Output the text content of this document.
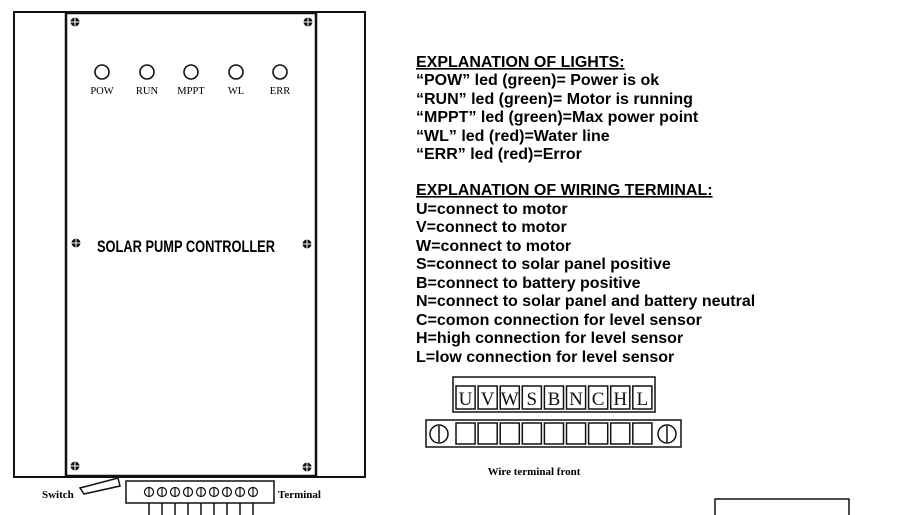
POW RUN MPPT WL ERR
SOLAR PUMP CONTROLLER
Switch	Terminal
EXPLANATION OF LIGHTS:
“POW” led (green)= Power is ok
“RUN” led (green)= Motor is running
“MPPT” led (green)=Max power point
“WL” led (red)=Water line
“ERR” led (red)=Error
EXPLANATION OF WIRING TERMINAL:
U=connect to motor
V=connect to motor
W=connect to motor
S=connect to solar panel positive
B=connect to battery positive
N=connect to solar panel and battery neutral
C=comon connection for level sensor
H=high connection for level sensor
L=low connection for level sensor
U V W S B N C H L
Wire terminal front
